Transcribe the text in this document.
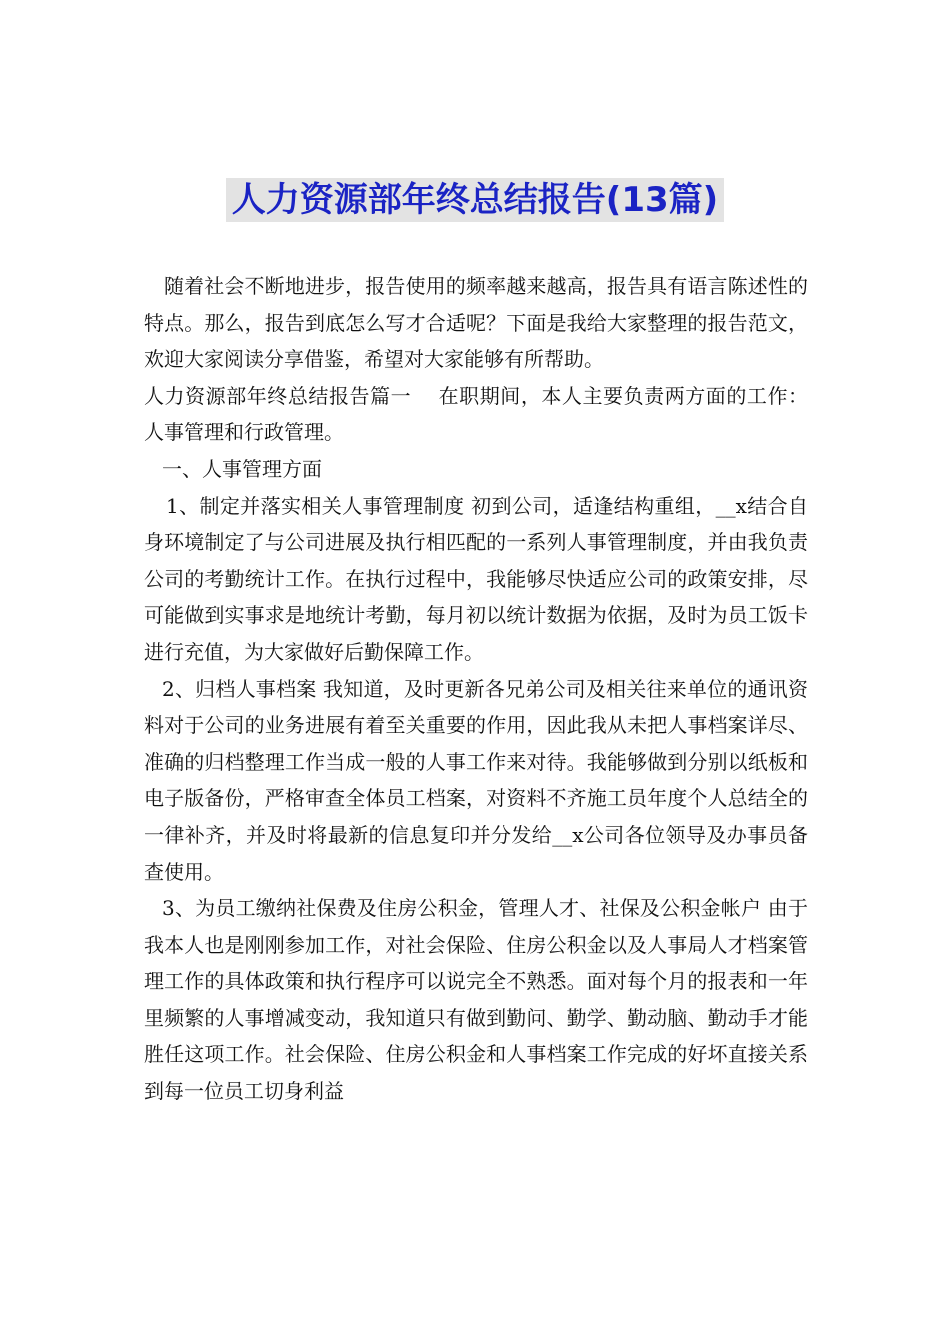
人力资源部年终总结报告(13篇)

随着社会不断地进步，报告使用的频率越来越高，报告具有语言陈述性的特点。那么，报告到底怎么写才合适呢？下面是我给大家整理的报告范文，欢迎大家阅读分享借鉴，希望对大家能够有所帮助。

人力资源部年终总结报告篇一　 在职期间，本人主要负责两方面的工作：人事管理和行政管理。

一、人事管理方面

1、制定并落实相关人事管理制度 初到公司，适逢结构重组，__x结合自身环境制定了与公司进展及执行相匹配的一系列人事管理制度，并由我负责公司的考勤统计工作。在执行过程中，我能够尽快适应公司的政策安排，尽可能做到实事求是地统计考勤，每月初以统计数据为依据，及时为员工饭卡进行充值，为大家做好后勤保障工作。

2、归档人事档案 我知道，及时更新各兄弟公司及相关往来单位的通讯资料对于公司的业务进展有着至关重要的作用，因此我从未把人事档案详尽、准确的归档整理工作当成一般的人事工作来对待。我能够做到分别以纸板和电子版备份，严格审查全体员工档案，对资料不齐施工员年度个人总结全的一律补齐，并及时将最新的信息复印并分发给__x公司各位领导及办事员备查使用。

3、为员工缴纳社保费及住房公积金，管理人才、社保及公积金帐户 由于我本人也是刚刚参加工作，对社会保险、住房公积金以及人事局人才档案管理工作的具体政策和执行程序可以说完全不熟悉。面对每个月的报表和一年里频繁的人事增减变动，我知道只有做到勤问、勤学、勤动脑、勤动手才能胜任这项工作。社会保险、住房公积金和人事档案工作完成的好坏直接关系到每一位员工切身利益
